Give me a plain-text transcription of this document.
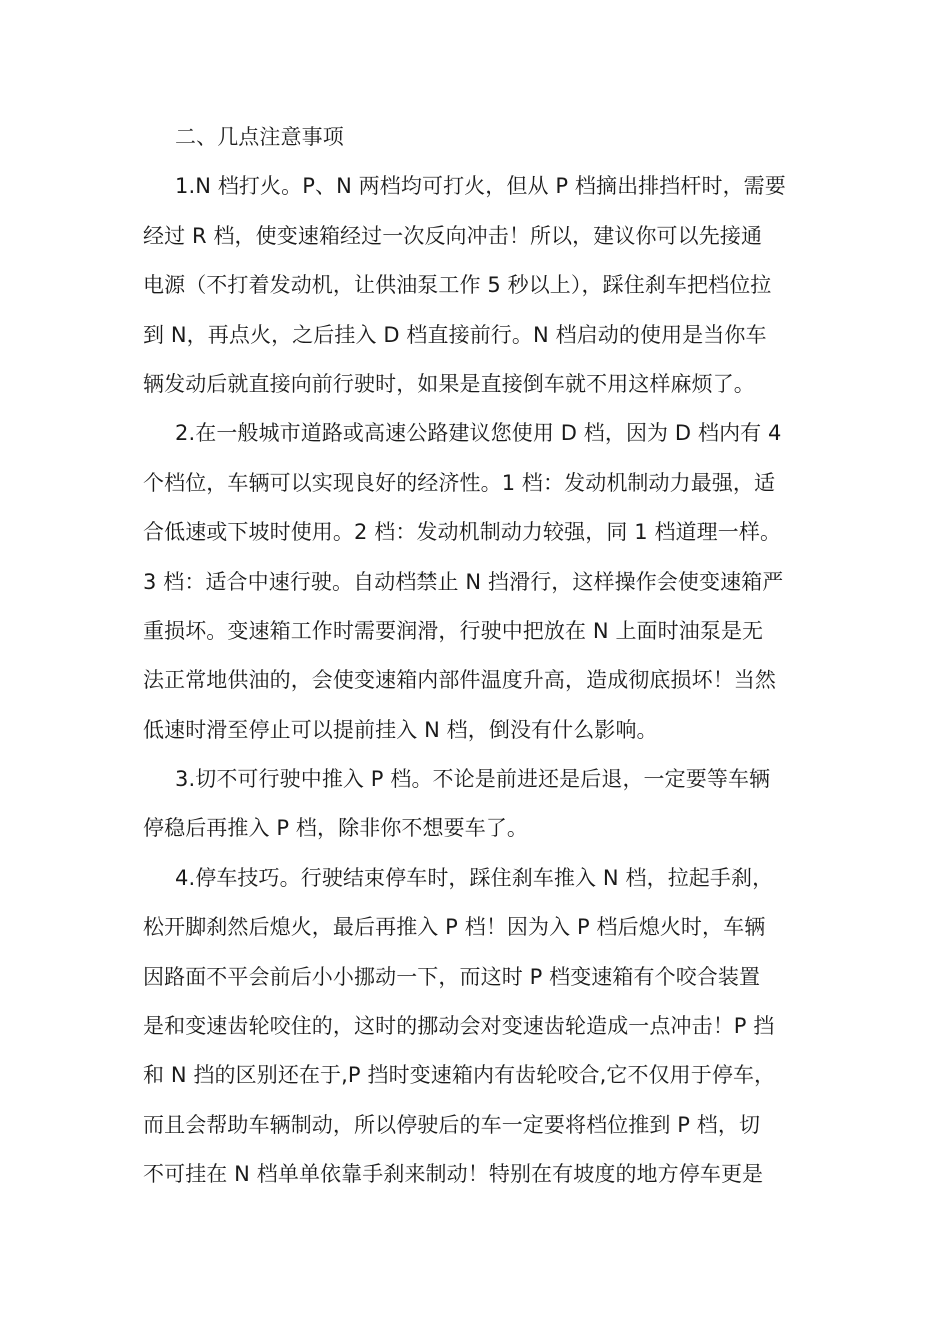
二、几点注意事项
1.N 档打火。P、N 两档均可打火，但从 P 档摘出排挡杆时，需要
经过 R 档，使变速箱经过一次反向冲击！所以，建议你可以先接通
电源（不打着发动机，让供油泵工作 5 秒以上），踩住刹车把档位拉
到 N，再点火，之后挂入 D 档直接前行。N 档启动的使用是当你车
辆发动后就直接向前行驶时，如果是直接倒车就不用这样麻烦了。
2.在一般城市道路或高速公路建议您使用 D 档，因为 D 档内有 4
个档位，车辆可以实现良好的经济性。1 档：发动机制动力最强，适
合低速或下坡时使用。2 档：发动机制动力较强，同 1 档道理一样。
3 档：适合中速行驶。自动档禁止 N 挡滑行，这样操作会使变速箱严
重损坏。变速箱工作时需要润滑，行驶中把放在 N 上面时油泵是无
法正常地供油的，会使变速箱内部件温度升高，造成彻底损坏！当然
低速时滑至停止可以提前挂入 N 档，倒没有什么影响。
3.切不可行驶中推入 P 档。不论是前进还是后退，一定要等车辆
停稳后再推入 P 档，除非你不想要车了。
4.停车技巧。行驶结束停车时，踩住刹车推入 N 档，拉起手刹，
松开脚刹然后熄火，最后再推入 P 档！因为入 P 档后熄火时，车辆
因路面不平会前后小小挪动一下，而这时 P 档变速箱有个咬合装置
是和变速齿轮咬住的，这时的挪动会对变速齿轮造成一点冲击！P 挡
和 N 挡的区别还在于,P 挡时变速箱内有齿轮咬合,它不仅用于停车，
而且会帮助车辆制动，所以停驶后的车一定要将档位推到 P 档，切
不可挂在 N 档单单依靠手刹来制动！特别在有坡度的地方停车更是
